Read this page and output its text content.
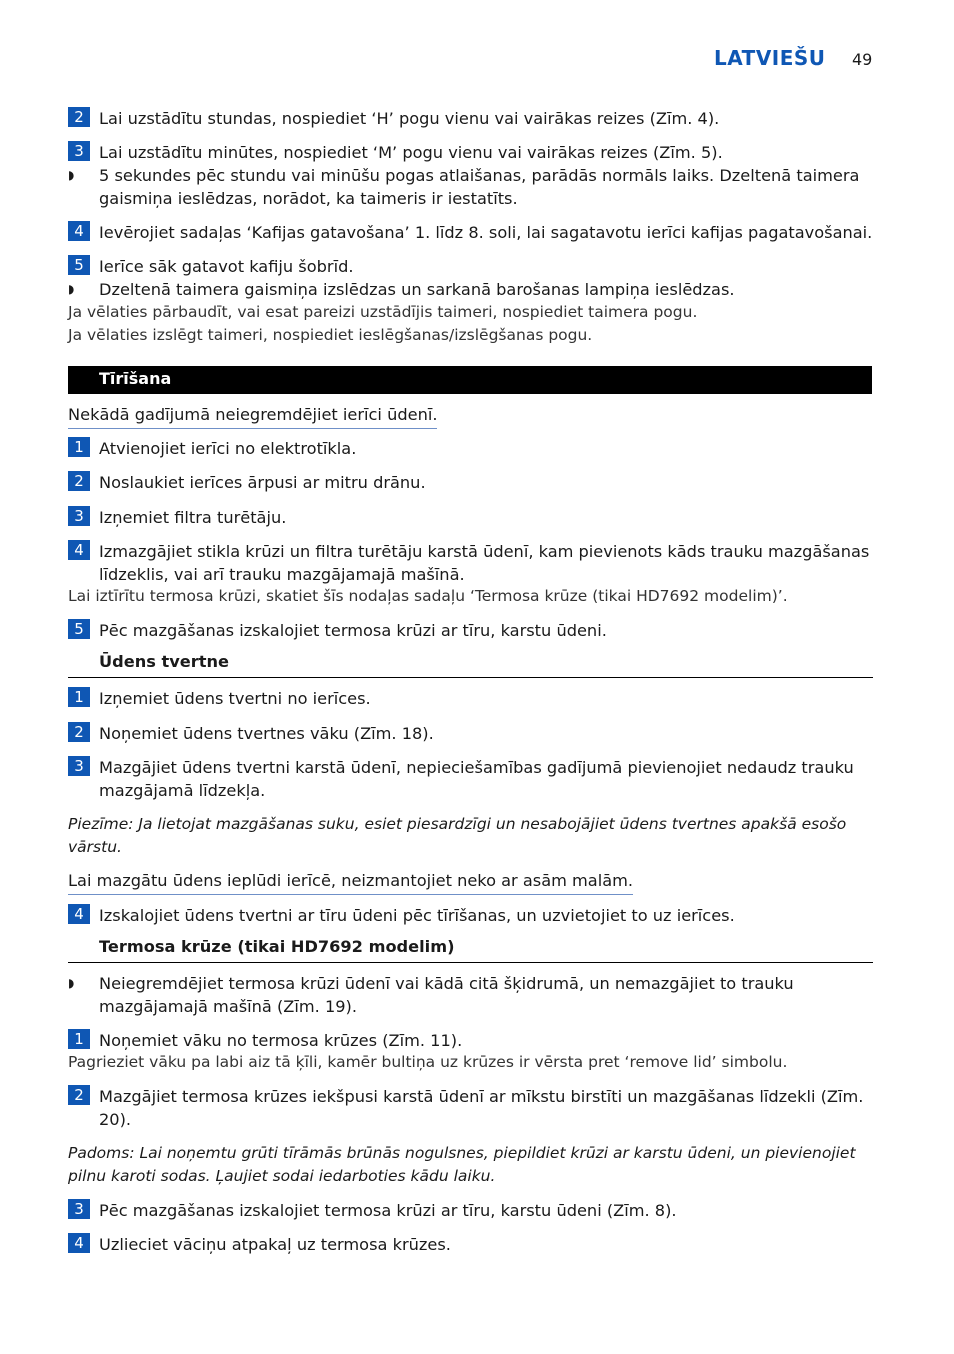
LATVIEŠU 49
2 Lai uzstādītu stundas, nospiediet ‘H’ pogu vienu vai vairākas reizes (Zīm. 4).
3 Lai uzstādītu minūtes, nospiediet ‘M’ pogu vienu vai vairākas reizes (Zīm. 5).
◗ 5 sekundes pēc stundu vai minūšu pogas atlaišanas, parādās normāls laiks. Dzeltenā taimera gaismiņa ieslēdzas, norādot, ka taimeris ir iestatīts.
4 Ievērojiet sadaļas ‘Kafijas gatavošana’ 1. līdz 8. soli, lai sagatavotu ierīci kafijas pagatavošanai.
5 Ierīce sāk gatavot kafiju šobrīd.
◗ Dzeltenā taimera gaismiņa izslēdzas un sarkanā barošanas lampiņa ieslēdzas.
Ja vēlaties pārbaudīt, vai esat pareizi uzstādījis taimeri, nospiediet taimera pogu.
Ja vēlaties izslēgt taimeri, nospiediet ieslēgšanas/izslēgšanas pogu.
Tīrīšana
Nekādā gadījumā neiegremdējiet ierīci ūdenī.
1 Atvienojiet ierīci no elektrotīkla.
2 Noslaukiet ierīces ārpusi ar mitru drānu.
3 Izņemiet filtra turētāju.
4 Izmazgājiet stikla krūzi un filtra turētāju karstā ūdenī, kam pievienots kāds trauku mazgāšanas līdzeklis, vai arī trauku mazgājamajā mašīnā.
Lai iztīrītu termosa krūzi, skatiet šīs nodaļas sadaļu ‘Termosa krūze (tikai HD7692 modelim)’.
5 Pēc mazgāšanas izskalojiet termosa krūzi ar tīru, karstu ūdeni.
Ūdens tvertne
1 Izņemiet ūdens tvertni no ierīces.
2 Noņemiet ūdens tvertnes vāku (Zīm. 18).
3 Mazgājiet ūdens tvertni karstā ūdenī, nepieciešamības gadījumā pievienojiet nedaudz trauku mazgājamā līdzekļa.
Piezīme: Ja lietojat mazgāšanas suku, esiet piesardzīgi un nesabojājiet ūdens tvertnes apakšā esošo vārstu.
Lai mazgātu ūdens ieplūdi ierīcē, neizmantojiet neko ar asām malām.
4 Izskalojiet ūdens tvertni ar tīru ūdeni pēc tīrīšanas, un uzvietojiet to uz ierīces.
Termosa krūze (tikai HD7692 modelim)
◗ Neiegremdējiet termosa krūzi ūdenī vai kādā citā šķidrumā, un nemazgājiet to trauku mazgājamajā mašīnā (Zīm. 19).
1 Noņemiet vāku no termosa krūzes (Zīm. 11).
Pagrieziet vāku pa labi aiz tā ķīli, kamēr bultiņa uz krūzes ir vērsta pret ‘remove lid’ simbolu.
2 Mazgājiet termosa krūzes iekšpusi karstā ūdenī ar mīkstu birstīti un mazgāšanas līdzekli (Zīm. 20).
Padoms: Lai noņemtu grūti tīrāmās brūnās nogulsnes, piepildiet krūzi ar karstu ūdeni, un pievienojiet pilnu karoti sodas. Ļaujiet sodai iedarboties kādu laiku.
3 Pēc mazgāšanas izskalojiet termosa krūzi ar tīru, karstu ūdeni (Zīm. 8).
4 Uzlieciet vāciņu atpakaļ uz termosa krūzes.
